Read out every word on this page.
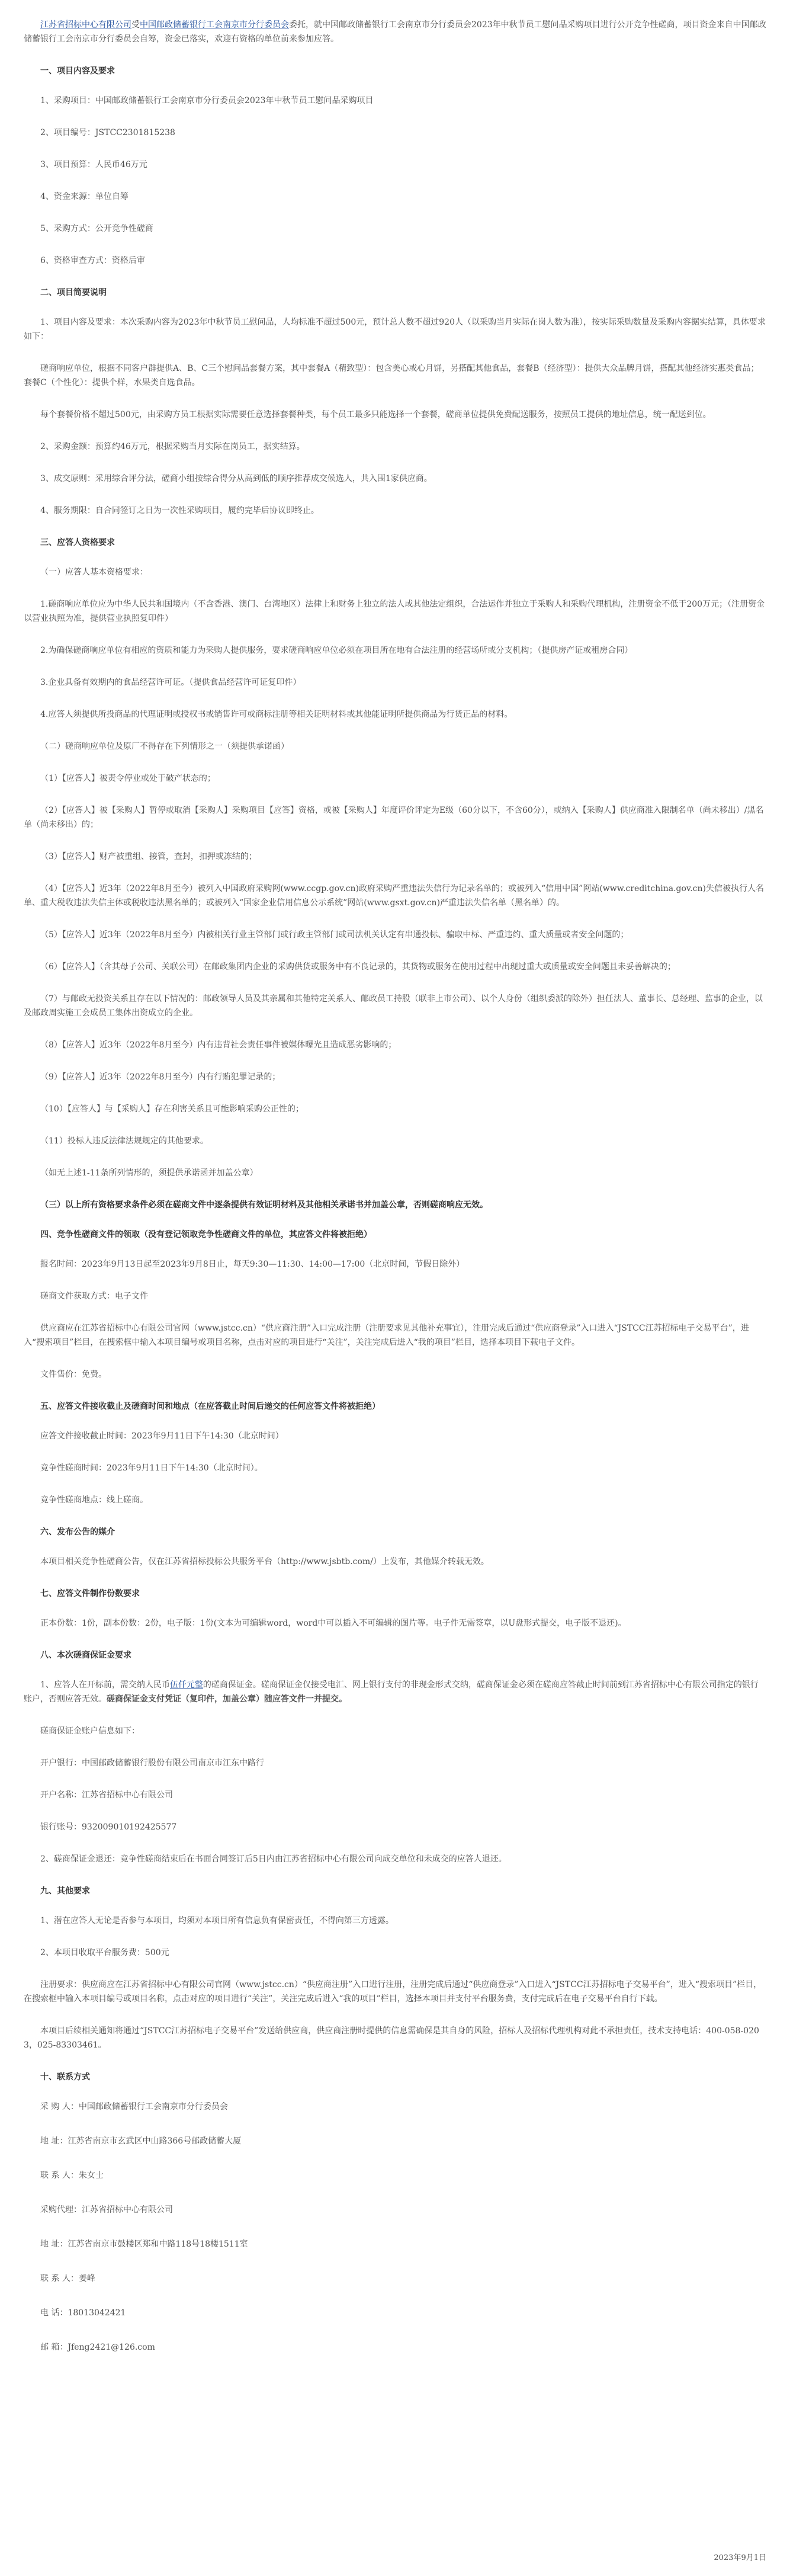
江苏省招标中心有限公司受中国邮政储蓄银行工会南京市分行委员会委托，就中国邮政储蓄银行工会南京市分行委员会2023年中秋节员工慰问品采购项目进行公开竞争性磋商，项目资金来自中国邮政储蓄银行工会南京市分行委员会自筹，资金已落实，欢迎有资格的单位前来参加应答。

一、项目内容及要求

1、采购项目：中国邮政储蓄银行工会南京市分行委员会2023年中秋节员工慰问品采购项目

2、项目编号：JSTCC2301815238

3、项目预算：人民币46万元

4、资金来源：单位自筹

5、采购方式：公开竞争性磋商

6、资格审查方式：资格后审

二、项目简要说明

1、项目内容及要求：本次采购内容为2023年中秋节员工慰问品，人均标准不超过500元，预计总人数不超过920人（以采购当月实际在岗人数为准），按实际采购数量及采购内容据实结算，具体要求如下：

磋商响应单位，根据不同客户群提供A、B、C三个慰问品套餐方案，其中套餐A（精致型）：包含美心或心月饼，另搭配其他食品，套餐B（经济型）：提供大众品牌月饼，搭配其他经济实惠类食品；套餐C（个性化）：提供个样，水果类自选食品。

每个套餐价格不超过500元，由采购方员工根据实际需要任意选择套餐种类，每个员工最多只能选择一个套餐，磋商单位提供免费配送服务，按照员工提供的地址信息，统一配送到位。

2、采购金额：预算约46万元，根据采购当月实际在岗员工，据实结算。

3、成交原则：采用综合评分法，磋商小组按综合得分从高到低的顺序推荐成交候选人，共入围1家供应商。

4、服务期限：自合同签订之日为一次性采购项目，履约完毕后协议即终止。

三、应答人资格要求

（一）应答人基本资格要求：

1.磋商响应单位应为中华人民共和国境内（不含香港、澳门、台湾地区）法律上和财务上独立的法人或其他法定组织，合法运作并独立于采购人和采购代理机构，注册资金不低于200万元；（注册资金以营业执照为准，提供营业执照复印件）

2.为确保磋商响应单位有相应的资质和能力为采购人提供服务，要求磋商响应单位必须在项目所在地有合法注册的经营场所或分支机构；（提供房产证或租房合同）

3.企业具备有效期内的食品经营许可证。（提供食品经营许可证复印件）

4.应答人须提供所投商品的代理证明或授权书或销售许可或商标注册等相关证明材料或其他能证明所提供商品为行货正品的材料。

（二）磋商响应单位及原厂不得存在下列情形之一（须提供承诺函）

（1）【应答人】被责令停业或处于破产状态的；

（2）【应答人】被【采购人】暂停或取消【采购人】采购项目【应答】资格，或被【采购人】年度评价评定为E级（60分以下，不含60分），或纳入【采购人】供应商准入限制名单（尚未移出）/黑名单（尚未移出）的；

（3）【应答人】财产被重组、接管，查封，扣押或冻结的；

（4）【应答人】近3年（2022年8月至今）被列入中国政府采购网(www.ccgp.gov.cn)政府采购严重违法失信行为记录名单的；或被列入“信用中国”网站(www.creditchina.gov.cn)失信被执行人名单、重大税收违法失信主体或税收违法黑名单的；或被列入“国家企业信用信息公示系统”网站(www.gsxt.gov.cn)严重违法失信名单（黑名单）的。

（5）【应答人】近3年（2022年8月至今）内被相关行业主管部门或行政主管部门或司法机关认定有串通投标、骗取中标、严重违约、重大质量或者安全问题的；

（6）【应答人】（含其母子公司、关联公司）在邮政集团内企业的采购供货或服务中有不良记录的，其货物或服务在使用过程中出现过重大或质量或安全问题且未妥善解决的；

（7）与邮政无投资关系且存在以下情况的：邮政领导人员及其亲属和其他特定关系人、邮政员工持股（联非上市公司）、以个人身份（组织委派的除外）担任法人、董事长、总经理、监事的企业，以及邮政周实施工会成员工集体出资成立的企业。

（8）【应答人】近3年（2022年8月至今）内有违背社会责任事件被媒体曝光且造成恶劣影响的；

（9）【应答人】近3年（2022年8月至今）内有行贿犯罪记录的；

（10）【应答人】与【采购人】存在利害关系且可能影响采购公正性的；

（11）投标人违反法律法规规定的其他要求。

（如无上述1-11条所列情形的，须提供承诺函并加盖公章）

（三）以上所有资格要求条件必须在磋商文件中逐条提供有效证明材料及其他相关承诺书并加盖公章，否则磋商响应无效。

四、竞争性磋商文件的领取（没有登记领取竞争性磋商文件的单位，其应答文件将被拒绝）

报名时间：2023年9月13日起至2023年9月8日止，每天9:30—11:30、14:00—17:00（北京时间，节假日除外）

磋商文件获取方式：电子文件

供应商应在江苏省招标中心有限公司官网（www.jstcc.cn）“供应商注册”入口完成注册（注册要求见其他补充事宜），注册完成后通过“供应商登录”入口进入“JSTCC江苏招标电子交易平台”，进入“搜索项目”栏目，在搜索框中输入本项目编号或项目名称，点击对应的项目进行“关注”，关注完成后进入“我的项目”栏目，选择本项目下载电子文件。

文件售价：免费。

五、应答文件接收截止及磋商时间和地点（在应答截止时间后递交的任何应答文件将被拒绝）

应答文件接收截止时间：2023年9月11日下午14:30（北京时间）

竞争性磋商时间：2023年9月11日下午14:30（北京时间）。

竞争性磋商地点：线上磋商。

六、发布公告的媒介

本项目相关竞争性磋商公告，仅在江苏省招标投标公共服务平台（http://www.jsbtb.com/）上发布，其他媒介转载无效。

七、应答文件制作份数要求

正本份数：1份，副本份数：2份，电子版：1份(文本为可编辑word，word中可以插入不可编辑的图片等。电子件无需签章，以U盘形式提交，电子版不退还)。

八、本次磋商保证金要求

1、应答人在开标前，需交纳人民币伍仟元整的磋商保证金。磋商保证金仅接受电汇、网上银行支付的非现金形式交纳，磋商保证金必须在磋商应答截止时间前到江苏省招标中心有限公司指定的银行账户，否则应答无效。磋商保证金支付凭证（复印件，加盖公章）随应答文件一并提交。

磋商保证金账户信息如下：

开户银行：中国邮政储蓄银行股份有限公司南京市江东中路行

开户名称：江苏省招标中心有限公司

银行账号：932009010192425577

2、磋商保证金退还：竞争性磋商结束后在书面合同签订后5日内由江苏省招标中心有限公司向成交单位和未成交的应答人退还。

九、其他要求

1、潜在应答人无论是否参与本项目，均须对本项目所有信息负有保密责任，不得向第三方透露。

2、本项目收取平台服务费：500元

注册要求：供应商应在江苏省招标中心有限公司官网（www.jstcc.cn）“供应商注册”入口进行注册，注册完成后通过“供应商登录”入口进入“JSTCC江苏招标电子交易平台”，进入“搜索项目”栏目，在搜索框中输入本项目编号或项目名称，点击对应的项目进行“关注”，关注完成后进入“我的项目”栏目，选择本项目并支付平台服务费，支付完成后在电子交易平台自行下载。

本项目后续相关通知将通过“JSTCC江苏招标电子交易平台”发送给供应商，供应商注册时提供的信息需确保是其自身的风险，招标人及招标代理机构对此不承担责任，技术支持电话：400-058-0203，025-83303461。

十、联系方式

采 购 人：中国邮政储蓄银行工会南京市分行委员会

地 址：江苏省南京市玄武区中山路366号邮政储蓄大厦

联 系 人：朱女士

采购代理：江苏省招标中心有限公司

地 址：江苏省南京市鼓楼区郑和中路118号18楼1511室

联 系 人：姜峰

电 话：18013042421

邮 箱：Jfeng2421@126.com

2023年9月1日
